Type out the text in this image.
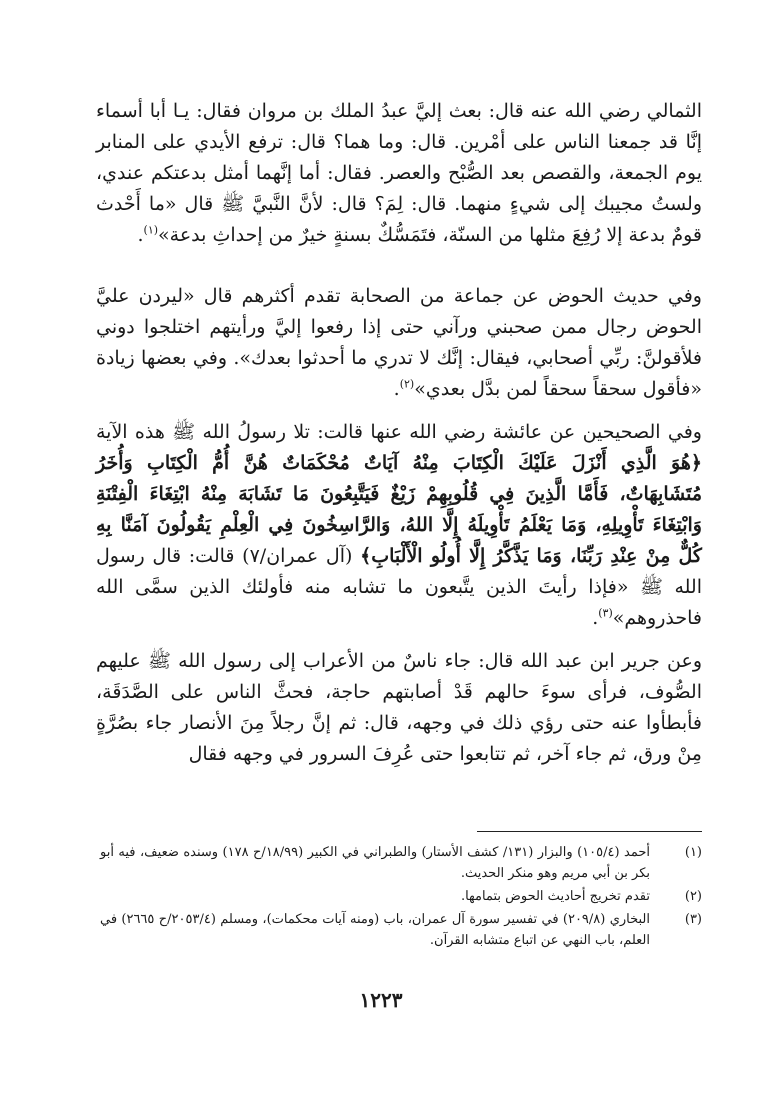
الثمالي رضي الله عنه قال: بعث إليَّ عبدُ الملك بن مروان فقال: يـا أبا أسماء إنَّا قد جمعنا الناس على أمْرين. قال: وما هما؟ قال: ترفع الأيدي على المنابر يوم الجمعة، والقصص بعد الصُّبْح والعصر. فقال: أما إنَّهما أمثل بدعتكم عندي، ولستُ مجيبك إلى شيءٍ منهما. قال: لِمَ؟ قال: لأنَّ النَّبيَّ ﷺ قال «ما أَحْدث قومٌ بدعة إلا رُفِعَ مثلها من السنّة، فتَمَسُّكٌ بسنةٍ خيرٌ من إحداثِ بدعة»$^{(١)}$.

وفي حديث الحوض عن جماعة من الصحابة تقدم أكثرهم قال «ليردن عليَّ الحوض رجال ممن صحبني ورآني حتى إذا رفعوا إليَّ ورأيتهم اختلجوا دوني فلأقولنَّ: ربِّي أصحابي، فيقال: إنَّك لا تدري ما أحدثوا بعدك». وفي بعضها زيادة «فأقول سحقاً سحقاً لمن بدَّل بعدي»$^{(٢)}$.

وفي الصحيحين عن عائشة رضي الله عنها قالت: تلا رسولُ الله ﷺ هذه الآية ﴿هُوَ الَّذِي أَنْزَلَ عَلَيْكَ الْكِتَابَ مِنْهُ آيَاتٌ مُحْكَمَاتٌ هُنَّ أُمُّ الْكِتَابِ وَأُخَرُ مُتَشَابِهَاتٌ، فَأَمَّا الَّذِينَ فِي قُلُوبِهِمْ زَيْغٌ فَيَتَّبِعُونَ مَا تَشَابَهَ مِنْهُ ابْتِغَاءَ الْفِتْنَةِ وَابْتِغَاءَ تَأْوِيلِهِ، وَمَا يَعْلَمُ تَأْوِيلَهُ إِلَّا اللهُ، وَالرَّاسِخُونَ فِي الْعِلْمِ يَقُولُونَ آمَنَّا بِهِ كُلٌّ مِنْ عِنْدِ رَبِّنَا، وَمَا يَذَّكَّرُ إِلَّا أُولُو الْأَلْبَابِ﴾ (آل عمران/٧) قالت: قال رسول الله ﷺ «فإذا رأيتَ الذين يتَّبعون ما تشابه منه فأولئك الذين سمَّى الله فاحذروهم»$^{(٣)}$.

وعن جرير ابن عبد الله قال: جاء ناسٌ من الأعراب إلى رسول الله ﷺ عليهم الصُّوف، فرأى سوءَ حالهم قَدْ أصابتهم حاجة، فحثَّ الناس على الصَّدَقَة، فأبطأوا عنه حتى رؤي ذلك في وجهه، قال: ثم إنَّ رجلاً مِنَ الأنصار جاء بصُرَّةٍ مِنْ ورق، ثم جاء آخر، ثم تتابعوا حتى عُرِفَ السرور في وجهه فقال

(١)
أحمد (١٠٥/٤) والبزار (١٣١/ كشف الأستار) والطبراني في الكبير (١٨/٩٩/ح ١٧٨) وسنده ضعيف، فيه أبو بكر بن أبي مريم وهو منكر الحديث.
(٢)
تقدم تخريج أحاديث الحوض بتمامها.
(٣)
البخاري (٢٠٩/٨) في تفسير سورة آل عمران، باب (ومنه آيات محكمات)، ومسلم (٢٠٥٣/٤/ح ٢٦٦٥) في العلم، باب النهي عن اتباع متشابه القرآن.
١٢٢٣
